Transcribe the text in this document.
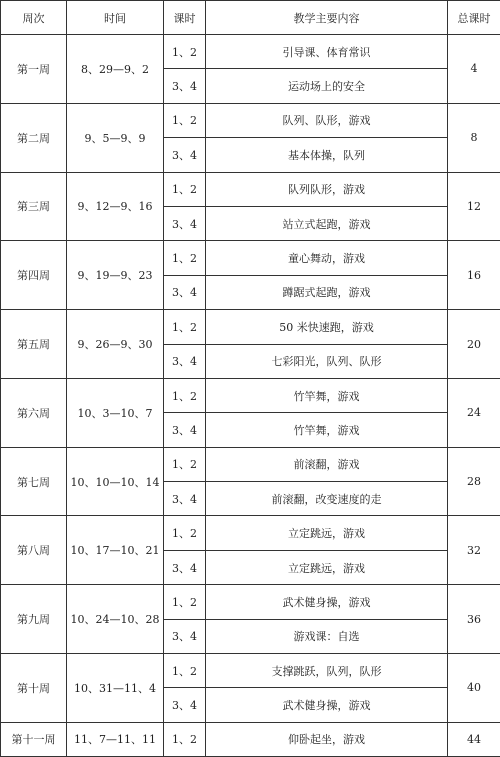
周次	时间	课时	教学主要内容	总课时
第一周	8、29—9、2	1、2	引导课、体育常识	4
		3、4	运动场上的安全	
第二周	9、5—9、9	1、2	队列、队形，游戏	8
		3、4	基本体操，队列	
第三周	9、12—9、16	1、2	队列队形，游戏	12
		3、4	站立式起跑，游戏	
第四周	9、19—9、23	1、2	童心舞动，游戏	16
		3、4	蹲踞式起跑，游戏	
第五周	9、26—9、30	1、2	50 米快速跑，游戏	20
		3、4	七彩阳光，队列、队形	
第六周	10、3—10、7	1、2	竹竿舞，游戏	24
		3、4	竹竿舞，游戏	
第七周	10、10—10、14	1、2	前滚翻，游戏	28
		3、4	前滚翻，改变速度的走	
第八周	10、17—10、21	1、2	立定跳远，游戏	32
		3、4	立定跳远，游戏	
第九周	10、24—10、28	1、2	武术健身操，游戏	36
		3、4	游戏课：自选	
第十周	10、31—11、4	1、2	支撑跳跃，队列，队形	40
		3、4	武术健身操，游戏	
第十一周	11、7—11、11	1、2	仰卧起坐，游戏	44
